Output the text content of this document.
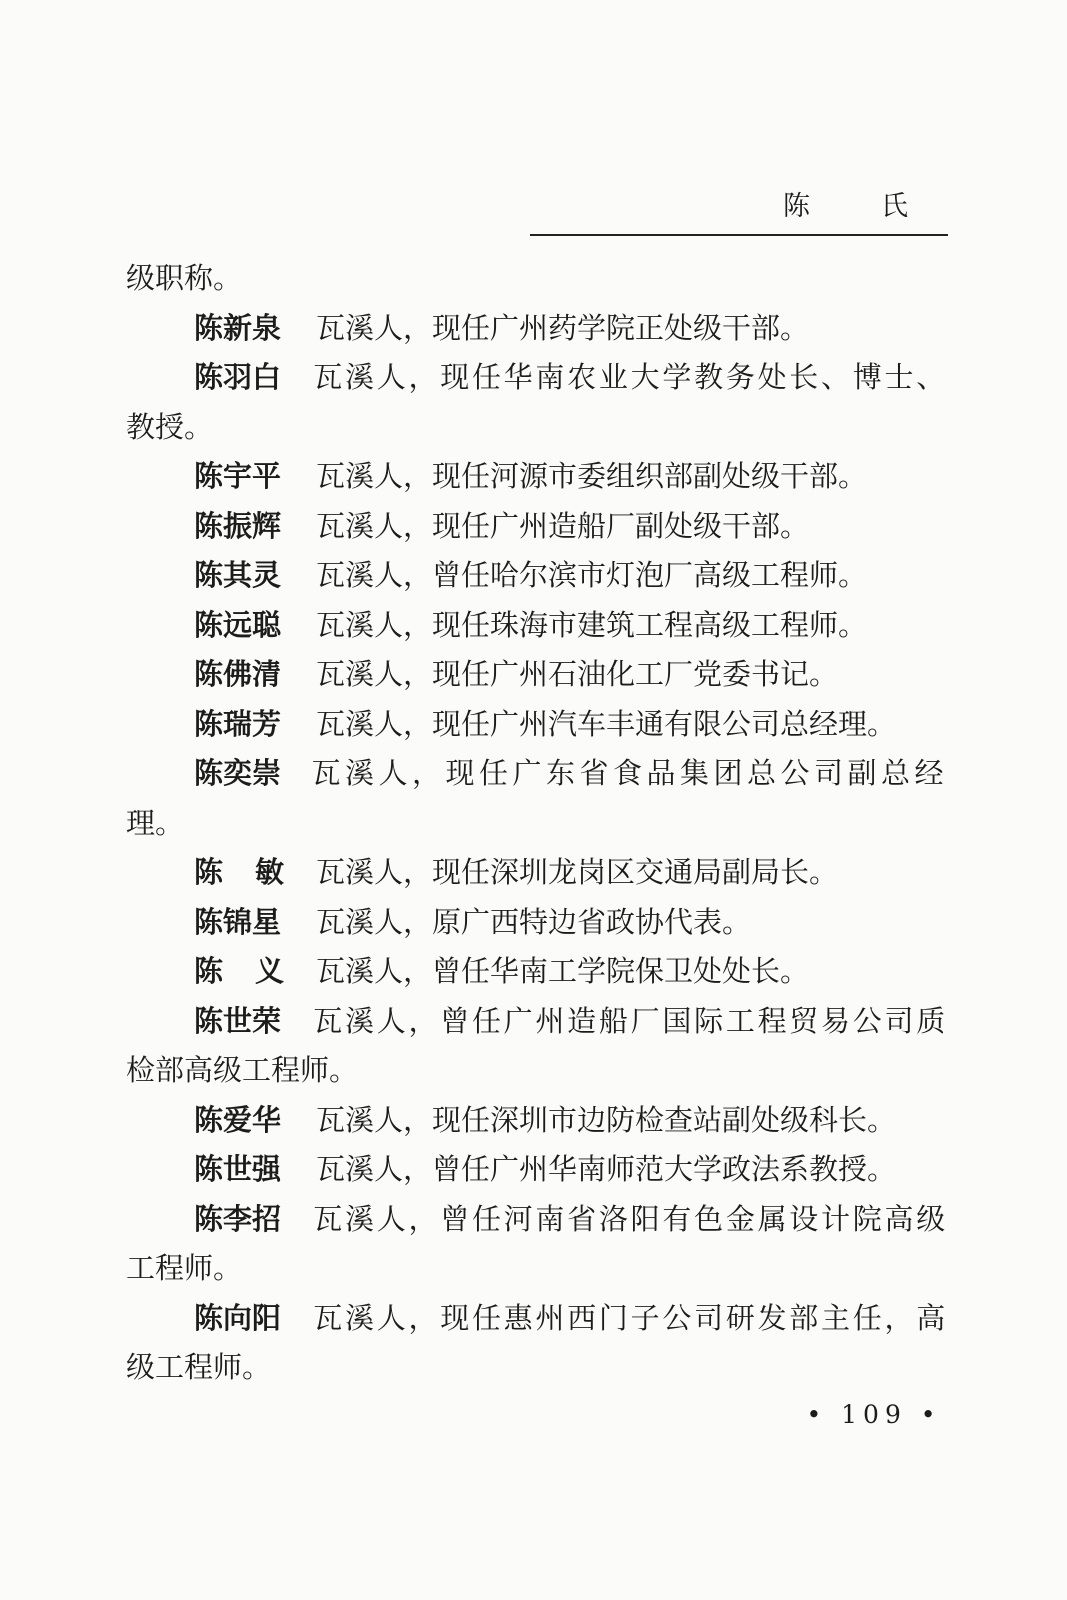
陈　氏
级职称。
陈新泉 瓦溪人，现任广州药学院正处级干部。
陈羽白	瓦溪人，现任华南农业大学教务处长、博士、
教授。
陈宇平 瓦溪人，现任河源市委组织部副处级干部。
陈振辉 瓦溪人，现任广州造船厂副处级干部。
陈其灵 瓦溪人，曾任哈尔滨市灯泡厂高级工程师。
陈远聪 瓦溪人，现任珠海市建筑工程高级工程师。
陈佛清 瓦溪人，现任广州石油化工厂党委书记。
陈瑞芳 瓦溪人，现任广州汽车丰通有限公司总经理。
陈奕崇	瓦溪人，现任广东省食品集团总公司副总经
理。
陈敏瓦溪人，现任深圳龙岗区交通局副局长。
陈锦星 瓦溪人，原广西特边省政协代表。
陈义瓦溪人，曾任华南工学院保卫处处长。
陈世荣	瓦溪人，曾任广州造船厂国际工程贸易公司质
检部高级工程师。
陈爱华 瓦溪人，现任深圳市边防检查站副处级科长。
陈世强 瓦溪人，曾任广州华南师范大学政法系教授。
陈李招	瓦溪人，曾任河南省洛阳有色金属设计院高级
工程师。
陈向阳	瓦溪人，现任惠州西门子公司研发部主任，高
级工程师。
• 109 •
